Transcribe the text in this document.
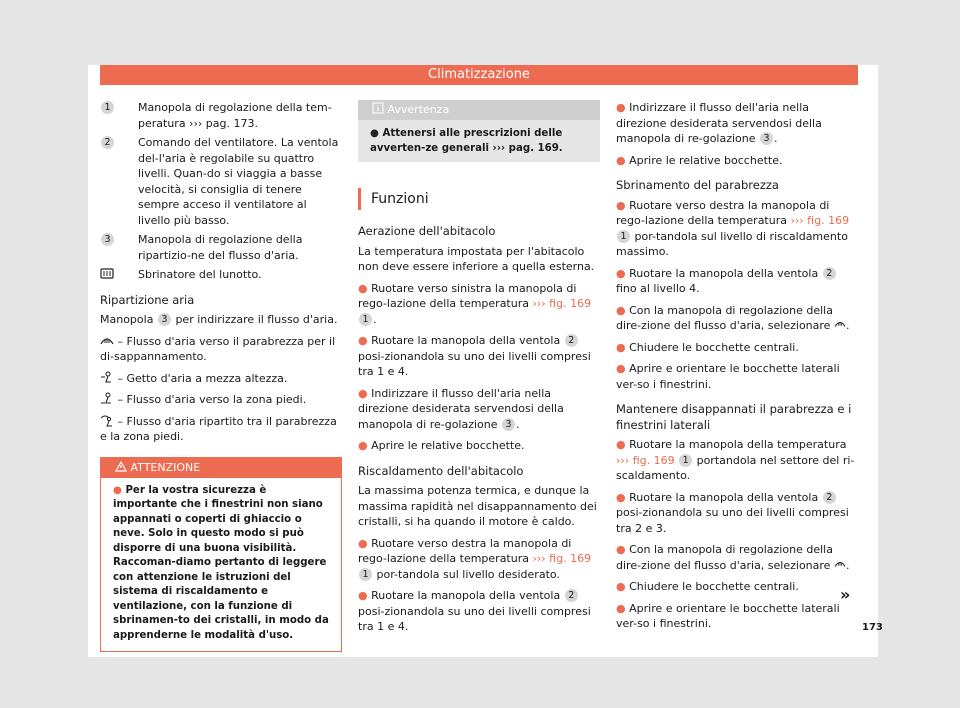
Climatizzazione
1	Manopola di regolazione della tem-peratura ››› pag. 173.
2	Comando del ventilatore. La ventola del-l'aria è regolabile su quattro livelli. Quan-do si viaggia a basse velocità, si consiglia di tenere sempre acceso il ventilatore al livello più basso.
3	Manopola di regolazione della ripartizio-ne del flusso d'aria.
Sbrinatore del lunotto.
Ripartizione aria

Manopola 3 per indirizzare il flusso d'aria.

– Flusso d'aria verso il parabrezza per il di-sappannamento.

– Getto d'aria a mezza altezza.

– Flusso d'aria verso la zona piedi.

– Flusso d'aria ripartito tra il parabrezza e la zona piedi.

ATTENZIONE
● Per la vostra sicurezza è importante che i finestrini non siano appannati o coperti di ghiaccio o neve. Solo in questo modo si può disporre di una buona visibilità. Raccoman-diamo pertanto di leggere con attenzione le istruzioni del sistema di riscaldamento e ventilazione, con la funzione di sbrinamen-to dei cristalli, in modo da apprenderne le modalità d'uso.
Avvertenza
● Attenersi alle prescrizioni delle avverten-ze generali ››› pag. 169.
Funzioni
Aerazione dell'abitacolo

La temperatura impostata per l'abitacolo non deve essere inferiore a quella esterna.

● Ruotare verso sinistra la manopola di rego-lazione della temperatura ››› fig. 169 1 .

● Ruotare la manopola della ventola 2 posi-zionandola su uno dei livelli compresi tra 1 e 4.

● Indirizzare il flusso dell'aria nella direzione desiderata servendosi della manopola di re-golazione 3 .

● Aprire le relative bocchette.

Riscaldamento dell'abitacolo

La massima potenza termica, e dunque la massima rapidità nel disappannamento dei cristalli, si ha quando il motore è caldo.

● Ruotare verso destra la manopola di rego-lazione della temperatura ››› fig. 169 1 por-tandola sul livello desiderato.

● Ruotare la manopola della ventola 2 posi-zionandola su uno dei livelli compresi tra 1 e 4.

● Indirizzare il flusso dell'aria nella direzione desiderata servendosi della manopola di re-golazione 3 .

● Aprire le relative bocchette.

Sbrinamento del parabrezza

● Ruotare verso destra la manopola di rego-lazione della temperatura ››› fig. 169 1 por-tandola sul livello di riscaldamento massimo.

● Ruotare la manopola della ventola 2 fino al livello 4.

● Con la manopola di regolazione della dire-zione del flusso d'aria, selezionare .

● Chiudere le bocchette centrali.

● Aprire e orientare le bocchette laterali ver-so i finestrini.

Mantenere disappannati il parabrezza e i finestrini laterali

● Ruotare la manopola della temperatura ››› fig. 169 1 portandola nel settore del ri-scaldamento.

● Ruotare la manopola della ventola 2 posi-zionandola su uno dei livelli compresi tra 2 e 3.

● Con la manopola di regolazione della dire-zione del flusso d'aria, selezionare .

● Chiudere le bocchette centrali.

● Aprire e orientare le bocchette laterali ver-so i finestrini.

»
173
